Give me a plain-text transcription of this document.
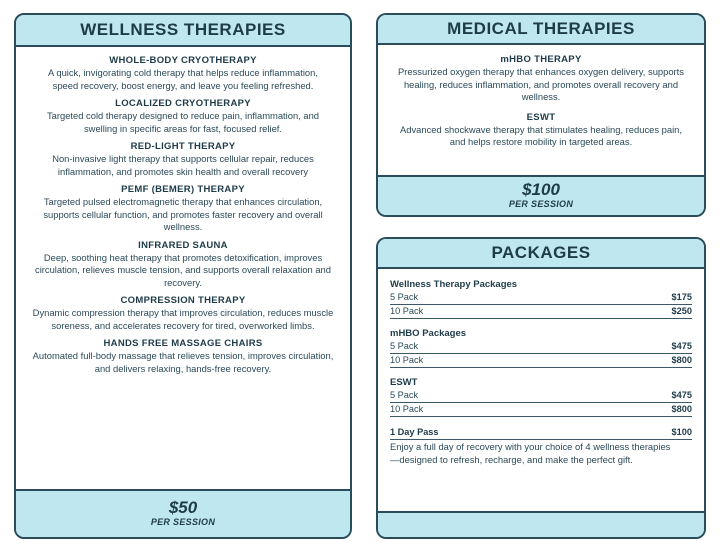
WELLNESS THERAPIES
WHOLE-BODY CRYOTHERAPY
A quick, invigorating cold therapy that helps reduce inflammation, speed recovery, boost energy, and leave you feeling refreshed.
LOCALIZED CRYOTHERAPY
Targeted cold therapy designed to reduce pain, inflammation, and swelling in specific areas for fast, focused relief.
RED-LIGHT THERAPY
Non-invasive light therapy that supports cellular repair, reduces inflammation, and promotes skin health and overall recovery
PEMF (BEMER) THERAPY
Targeted pulsed electromagnetic therapy that enhances circulation, supports cellular function, and promotes faster recovery and overall wellness.
INFRARED SAUNA
Deep, soothing heat therapy that promotes detoxification, improves circulation, relieves muscle tension, and supports overall relaxation and recovery.
COMPRESSION THERAPY
Dynamic compression therapy that improves circulation, reduces muscle soreness, and accelerates recovery for tired, overworked limbs.
HANDS FREE MASSAGE CHAIRS
Automated full-body massage that relieves tension, improves circulation, and delivers relaxing, hands-free recovery.
$50
PER SESSION
MEDICAL THERAPIES
mHBO THERAPY
Pressurized oxygen therapy that enhances oxygen delivery, supports healing, reduces inflammation, and promotes overall recovery and wellness.
ESWT
Advanced shockwave therapy that stimulates healing, reduces pain, and helps restore mobility in targeted areas.
$100
PER SESSION
PACKAGES
Wellness Therapy Packages
5 Pack	$175
10 Pack	$250
mHBO Packages
5 Pack	$475
10 Pack	$800
ESWT
5 Pack	$475
10 Pack	$800
1 Day Pass	$100
Enjoy a full day of recovery with your choice of 4 wellness therapies—designed to refresh, recharge, and make the perfect gift.
